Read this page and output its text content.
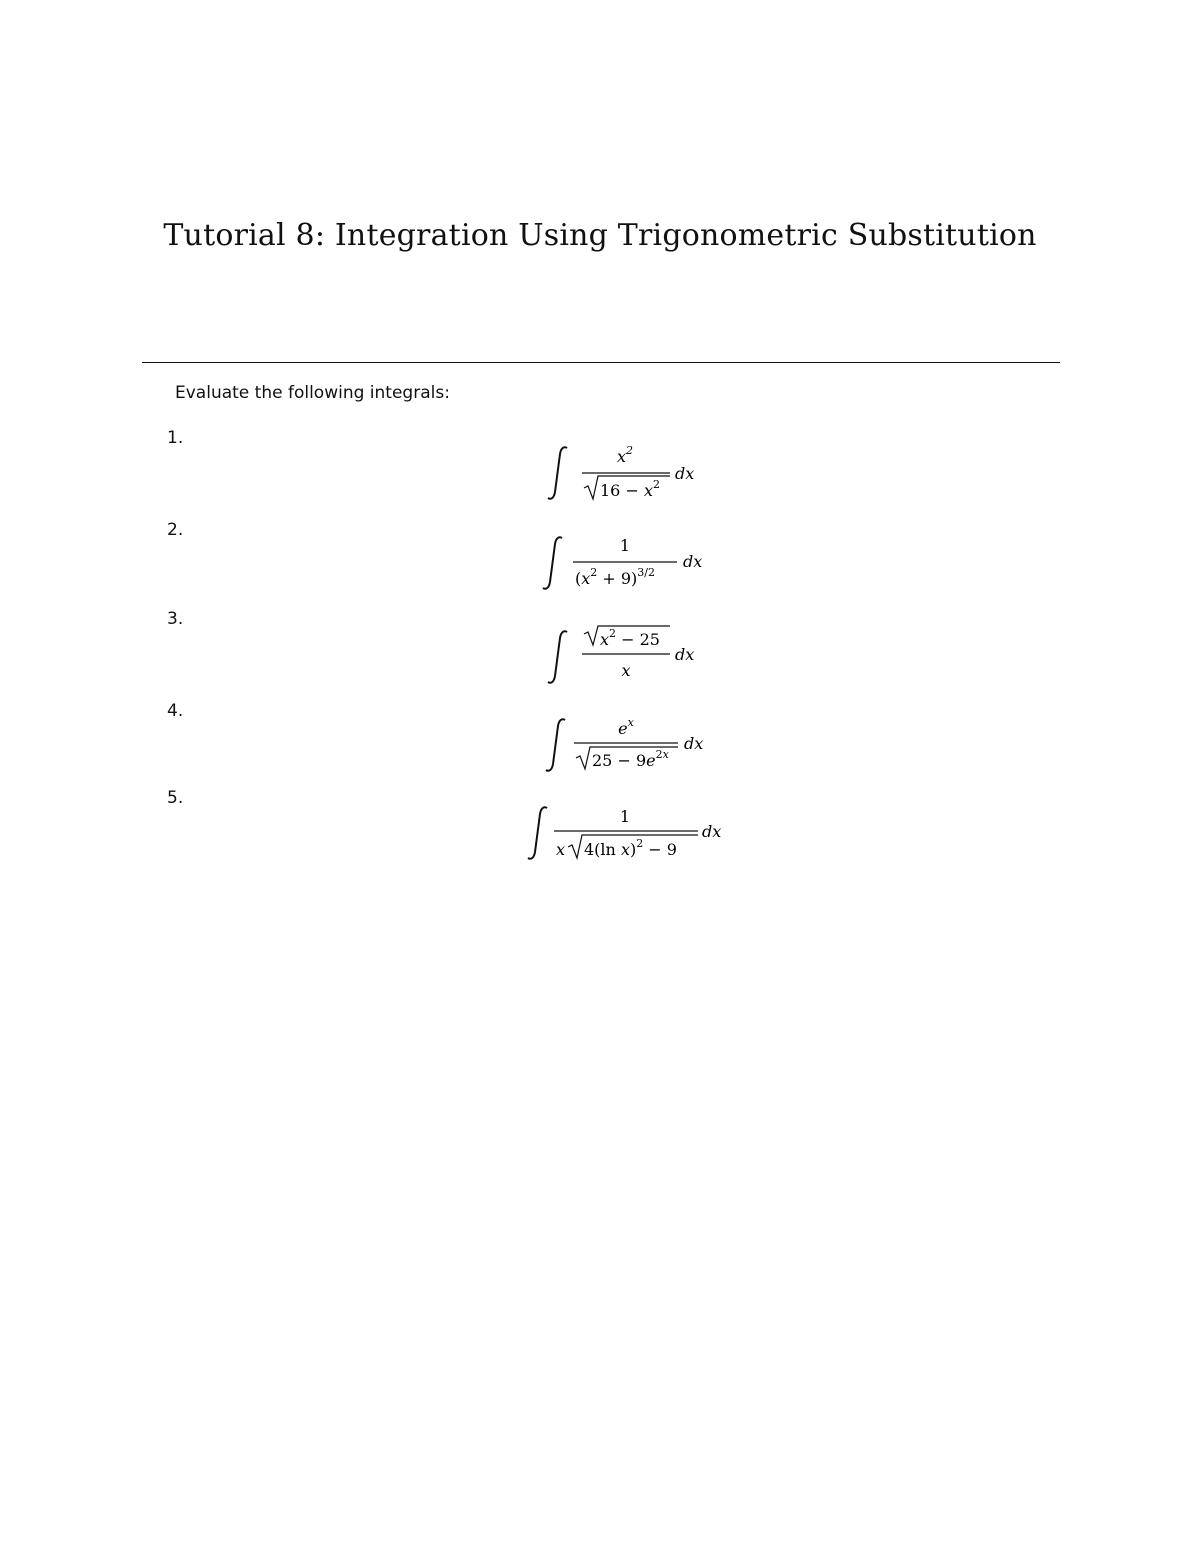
Tutorial 8: Integration Using Trigonometric Substitution
Evaluate the following integrals:
1.
$x^2$
$16 - x^2$
dx
2.
1
$(x^2 + 9)^{3/2}$
dx
3.
$x^2 - 25$
x
dx
4.
$e^x$
$25 - 9e^2x$
dx
5.
1
x 4(ln x)$^2$ − 9
dx
